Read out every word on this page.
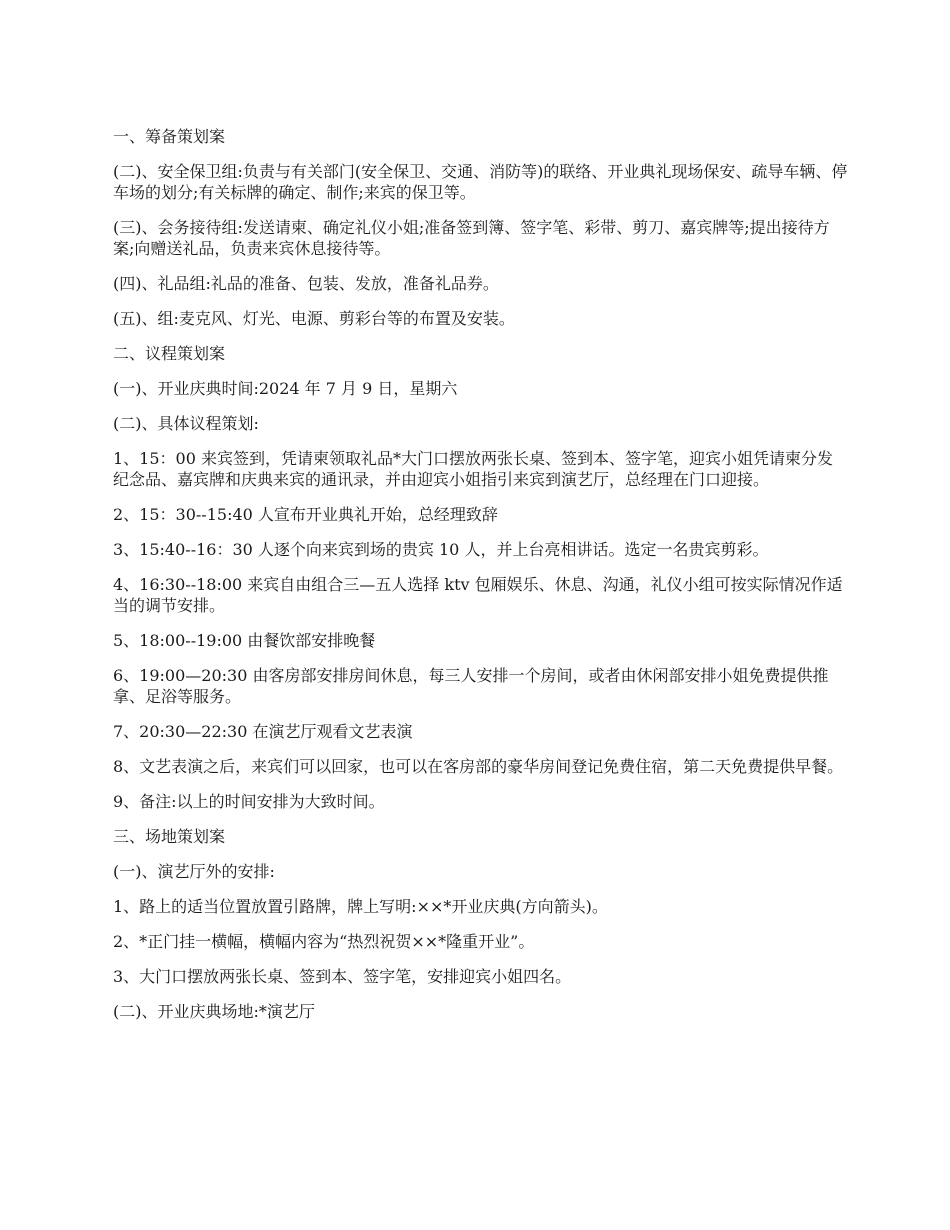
一、筹备策划案

(二)、安全保卫组:负责与有关部门(安全保卫、交通、消防等)的联络、开业典礼现场保安、疏导车辆、停车场的划分;有关标牌的确定、制作;来宾的保卫等。

(三)、会务接待组:发送请柬、确定礼仪小姐;准备签到簿、签字笔、彩带、剪刀、嘉宾牌等;提出接待方案;向赠送礼品，负责来宾休息接待等。

(四)、礼品组:礼品的准备、包装、发放，准备礼品券。

(五)、组:麦克风、灯光、电源、剪彩台等的布置及安装。

二、议程策划案

(一)、开业庆典时间:2024 年 7 月 9 日，星期六

(二)、具体议程策划:

1、15：00 来宾签到，凭请柬领取礼品*大门口摆放两张长桌、签到本、签字笔，迎宾小姐凭请柬分发纪念品、嘉宾牌和庆典来宾的通讯录，并由迎宾小姐指引来宾到演艺厅，总经理在门口迎接。

2、15：30--15:40 人宣布开业典礼开始，总经理致辞

3、15:40--16：30 人逐个向来宾到场的贵宾 10 人，并上台亮相讲话。选定一名贵宾剪彩。

4、16:30--18:00 来宾自由组合三—五人选择 ktv 包厢娱乐、休息、沟通，礼仪小组可按实际情况作适当的调节安排。

5、18:00--19:00 由餐饮部安排晚餐

6、19:00—20:30 由客房部安排房间休息，每三人安排一个房间，或者由休闲部安排小姐免费提供推拿、足浴等服务。

7、20:30—22:30 在演艺厅观看文艺表演

8、文艺表演之后，来宾们可以回家，也可以在客房部的豪华房间登记免费住宿，第二天免费提供早餐。

9、备注:以上的时间安排为大致时间。

三、场地策划案

(一)、演艺厅外的安排:

1、路上的适当位置放置引路牌，牌上写明:××*开业庆典(方向箭头)。

2、*正门挂一横幅，横幅内容为“热烈祝贺××*隆重开业”。

3、大门口摆放两张长桌、签到本、签字笔，安排迎宾小姐四名。

(二)、开业庆典场地:*演艺厅
